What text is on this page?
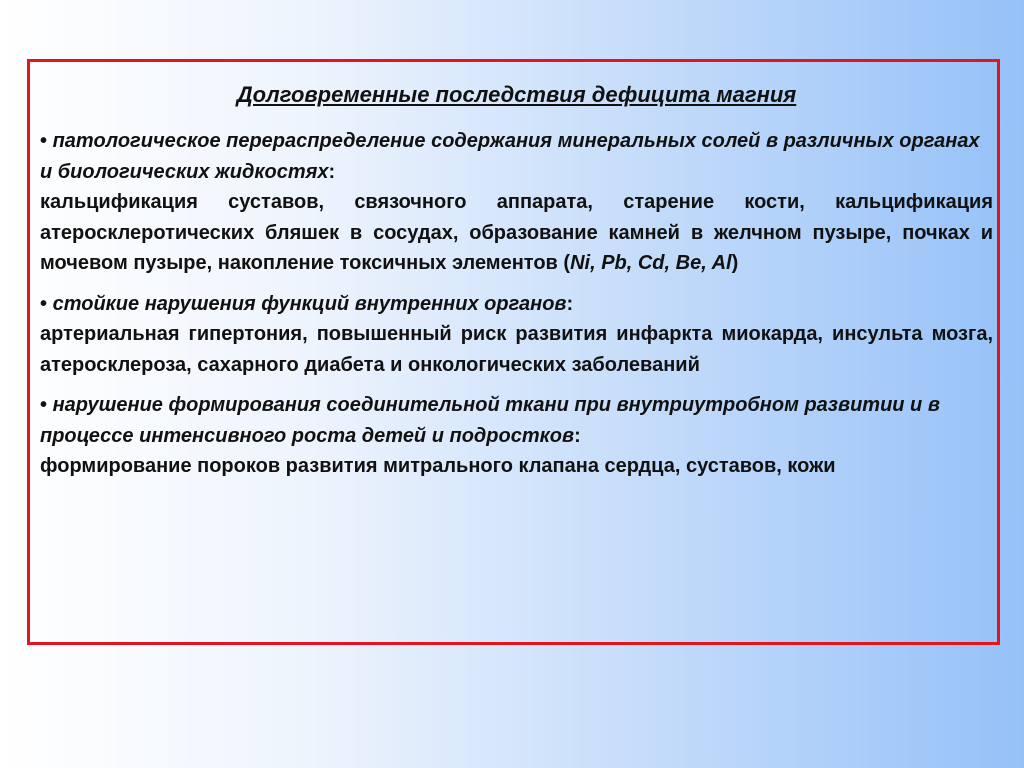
Долговременные последствия дефицита магния
• патологическое перераспределение содержания минеральных солей в различных органах и биологических жидкостях:
кальцификация суставов, связочного аппарата, старение кости, кальцификация атеросклеротических бляшек в сосудах, образование камней в желчном пузыре, почках и мочевом пузыре, накопление токсичных элементов (Ni, Pb, Cd, Be, Al)
• стойкие нарушения функций внутренних органов:
артериальная гипертония, повышенный риск развития инфаркта миокарда, инсульта мозга, атеросклероза, сахарного диабета и онкологических заболеваний
• нарушение формирования соединительной ткани при внутриутробном развитии и в процессе интенсивного роста детей и подростков:
формирование пороков развития митрального клапана сердца, суставов, кожи
